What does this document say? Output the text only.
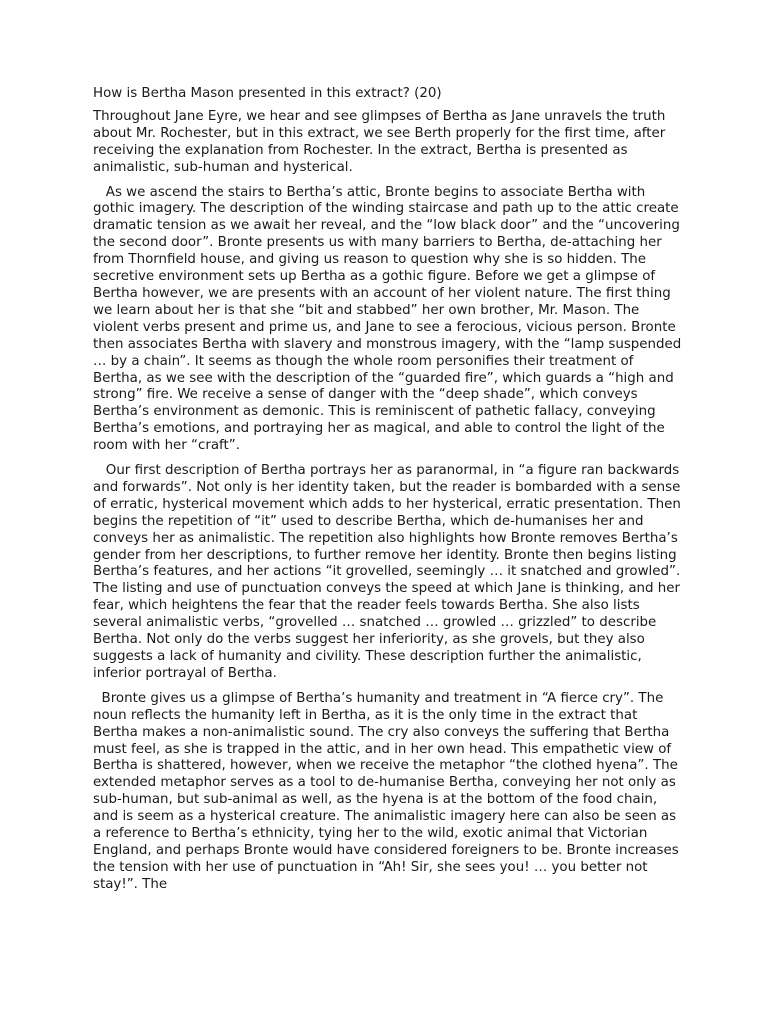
How is Bertha Mason presented in this extract? (20)

Throughout Jane Eyre, we hear and see glimpses of Bertha as Jane unravels the truth about Mr. Rochester, but in this extract, we see Berth properly for the first time, after receiving the explanation from Rochester. In the extract, Bertha is presented as animalistic, sub-human and hysterical.

As we ascend the stairs to Bertha’s attic, Bronte begins to associate Bertha with gothic imagery. The description of the winding staircase and path up to the attic create dramatic tension as we await her reveal, and the “low black door” and the “uncovering the second door”. Bronte presents us with many barriers to Bertha, de-attaching her from Thornfield house, and giving us reason to question why she is so hidden. The secretive environment sets up Bertha as a gothic figure. Before we get a glimpse of Bertha however, we are presents with an account of her violent nature. The first thing we learn about her is that she “bit and stabbed” her own brother, Mr. Mason. The violent verbs present and prime us, and Jane to see a ferocious, vicious person. Bronte then associates Bertha with slavery and monstrous imagery, with the “lamp suspended … by a chain”. It seems as though the whole room personifies their treatment of Bertha, as we see with the description of the “guarded fire”, which guards a “high and strong” fire. We receive a sense of danger with the “deep shade”, which conveys Bertha’s environment as demonic. This is reminiscent of pathetic fallacy, conveying Bertha’s emotions, and portraying her as magical, and able to control the light of the room with her “craft”.

Our first description of Bertha portrays her as paranormal, in “a figure ran backwards and forwards”. Not only is her identity taken, but the reader is bombarded with a sense of erratic, hysterical movement which adds to her hysterical, erratic presentation. Then begins the repetition of “it” used to describe Bertha, which de-humanises her and conveys her as animalistic. The repetition also highlights how Bronte removes Bertha’s gender from her descriptions, to further remove her identity. Bronte then begins listing Bertha’s features, and her actions “it grovelled, seemingly … it snatched and growled”. The listing and use of punctuation conveys the speed at which Jane is thinking, and her fear, which heightens the fear that the reader feels towards Bertha. She also lists several animalistic verbs, “grovelled … snatched … growled … grizzled” to describe Bertha. Not only do the verbs suggest her inferiority, as she grovels, but they also suggests a lack of humanity and civility. These description further the animalistic, inferior portrayal of Bertha.

Bronte gives us a glimpse of Bertha’s humanity and treatment in “A fierce cry”. The noun reflects the humanity left in Bertha, as it is the only time in the extract that Bertha makes a non-animalistic sound. The cry also conveys the suffering that Bertha must feel, as she is trapped in the attic, and in her own head. This empathetic view of Bertha is shattered, however, when we receive the metaphor “the clothed hyena”. The extended metaphor serves as a tool to de-humanise Bertha, conveying her not only as sub-human, but sub-animal as well, as the hyena is at the bottom of the food chain, and is seem as a hysterical creature. The animalistic imagery here can also be seen as a reference to Bertha’s ethnicity, tying her to the wild, exotic animal that Victorian England, and perhaps Bronte would have considered foreigners to be. Bronte increases the tension with her use of punctuation in “Ah! Sir, she sees you! … you better not stay!”. The
